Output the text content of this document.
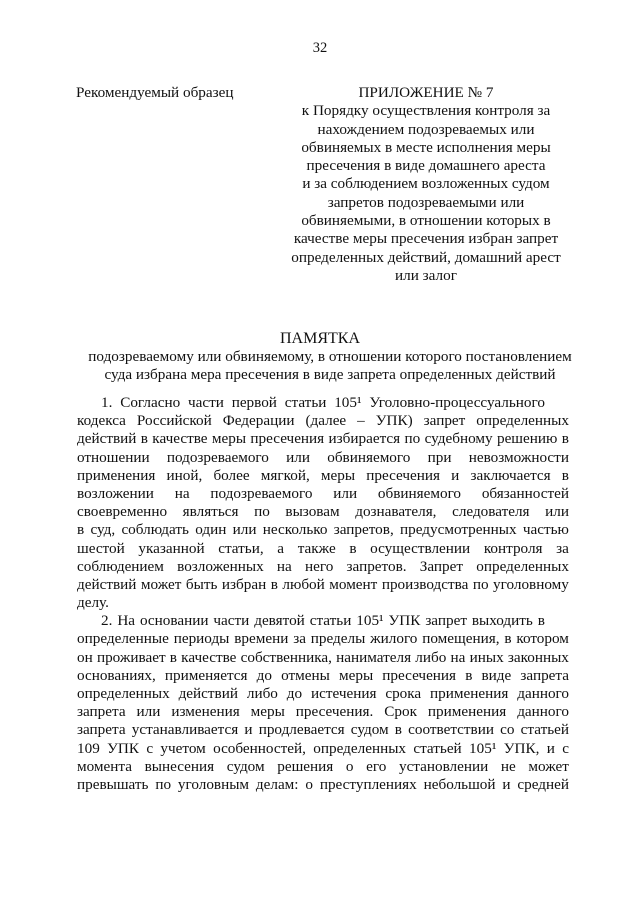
32
Рекомендуемый образец	ПРИЛОЖЕНИЕ № 7
к Порядку осуществления контроля за
нахождением подозреваемых или
обвиняемых в месте исполнения меры
пресечения в виде домашнего ареста
и за соблюдением возложенных судом
запретов подозреваемыми или
обвиняемыми, в отношении которых в
качестве меры пресечения избран запрет
определенных действий, домашний арест
или залог
ПАМЯТКА
подозреваемому или обвиняемому, в отношении которого постановлением
суда избрана мера пресечения в виде запрета определенных действий
1. Согласно части первой статьи 105¹ Уголовно-процессуального
кодекса Российской Федерации (далее – УПК) запрет определенных
действий в качестве меры пресечения избирается по судебному решению в
отношении подозреваемого или обвиняемого при невозможности
применения иной, более мягкой, меры пресечения и заключается в
возложении на подозреваемого или обвиняемого обязанностей
своевременно являться по вызовам дознавателя, следователя или
в суд, соблюдать один или несколько запретов, предусмотренных частью
шестой указанной статьи, а также в осуществлении контроля за
соблюдением возложенных на него запретов. Запрет определенных
действий может быть избран в любой момент производства по уголовному
делу.
2. На основании части девятой статьи 105¹ УПК запрет выходить в
определенные периоды времени за пределы жилого помещения, в котором
он проживает в качестве собственника, нанимателя либо на иных законных
основаниях, применяется до отмены меры пресечения в виде запрета
определенных действий либо до истечения срока применения данного
запрета или изменения меры пресечения. Срок применения данного
запрета устанавливается и продлевается судом в соответствии со статьей
109 УПК с учетом особенностей, определенных статьей 105¹ УПК, и с
момента вынесения судом решения о его установлении не может
превышать по уголовным делам: о преступлениях небольшой и средней
